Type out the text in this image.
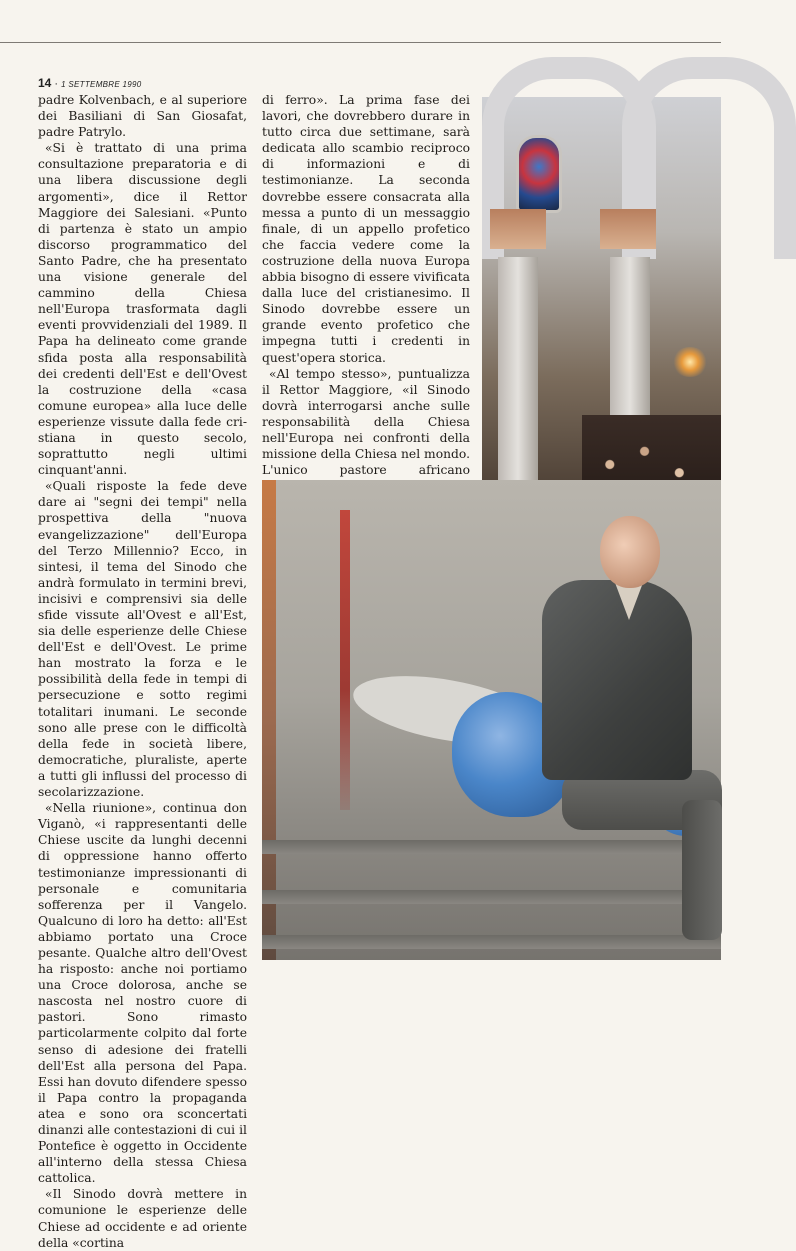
14 · 1 SETTEMBRE 1990

padre Kolvenbach, e al superiore dei Basiliani di San Giosafat, padre Patrylo.

«Si è trattato di una prima consultazione preparatoria e di una libera discussione degli argomenti», dice il Rettor Maggiore dei Salesiani. «Punto di partenza è stato un ampio discorso programmatico del Santo Padre, che ha presentato una visione generale del cammino della Chiesa nell'Europa trasformata dagli eventi provvidenziali del 1989. Il Papa ha delineato come grande sfida posta alla responsabilità dei credenti dell'Est e dell'Ovest la costruzione della «casa comune europea» alla luce delle esperienze vissute dalla fede cristiana in questo secolo, soprattutto negli ultimi cinquant'anni.

«Quali risposte la fede deve dare ai "segni dei tempi" nella prospettiva della "nuova evangelizzazione" dell'Europa del Terzo Millennio? Ecco, in sintesi, il tema del Sinodo che andrà formulato in termini brevi, incisivi e comprensivi sia delle sfide vissute all'Ovest e all'Est, sia delle esperienze delle Chiese dell'Est e dell'Ovest. Le prime han mostrato la forza e le possibilità della fede in tempi di persecuzione e sotto regimi totalitari inumani. Le seconde sono alle prese con le difficoltà della fede in società libere, democratiche, pluraliste, aperte a tutti gli influssi del processo di secolarizzazione.

«Nella riunione», continua don Viganò, «i rappresentanti delle Chiese uscite da lunghi decenni di oppressione hanno offerto testimonianze impressionanti di personale e comunitaria sofferenza per il Vangelo. Qualcuno di loro ha detto: all'Est abbiamo portato una Croce pesante. Qualche altro dell'Ovest ha risposto: anche noi portiamo una Croce dolorosa, anche se nascosta nel nostro cuore di pastori. Sono rimasto particolarmente colpito dal forte senso di adesione dei fratelli dell'Est alla persona del Papa. Essi han dovuto difendere spesso il Papa contro la propaganda atea e sono ora sconcertati dinanzi alle contestazioni di cui il Pontefice è oggetto in Occidente all'interno della stessa Chiesa cattolica.

«Il Sinodo dovrà mettere in comunione le esperienze delle Chiese ad occidente e ad oriente della «cortina

di ferro». La prima fase dei lavori, che dovrebbero durare in tutto circa due settimane, sarà dedicata allo scambio reciproco di informazioni e di testimonianze. La seconda dovrebbe essere consacrata alla messa a punto di un messaggio finale, di un appello profetico che faccia vedere come la costruzione della nuova Europa abbia bisogno di essere vivificata dalla luce del cristianesimo. Il Sinodo dovrebbe essere un grande evento profetico che impegna tutti i credenti in quest'opera storica.

«Al tempo stesso», puntualizza il Rettor Maggiore, «il Sinodo dovrà interrogarsi anche sulle responsabilità della Chiesa nell'Europa nei confronti della missione della Chiesa nel mondo. L'unico pastore africano
